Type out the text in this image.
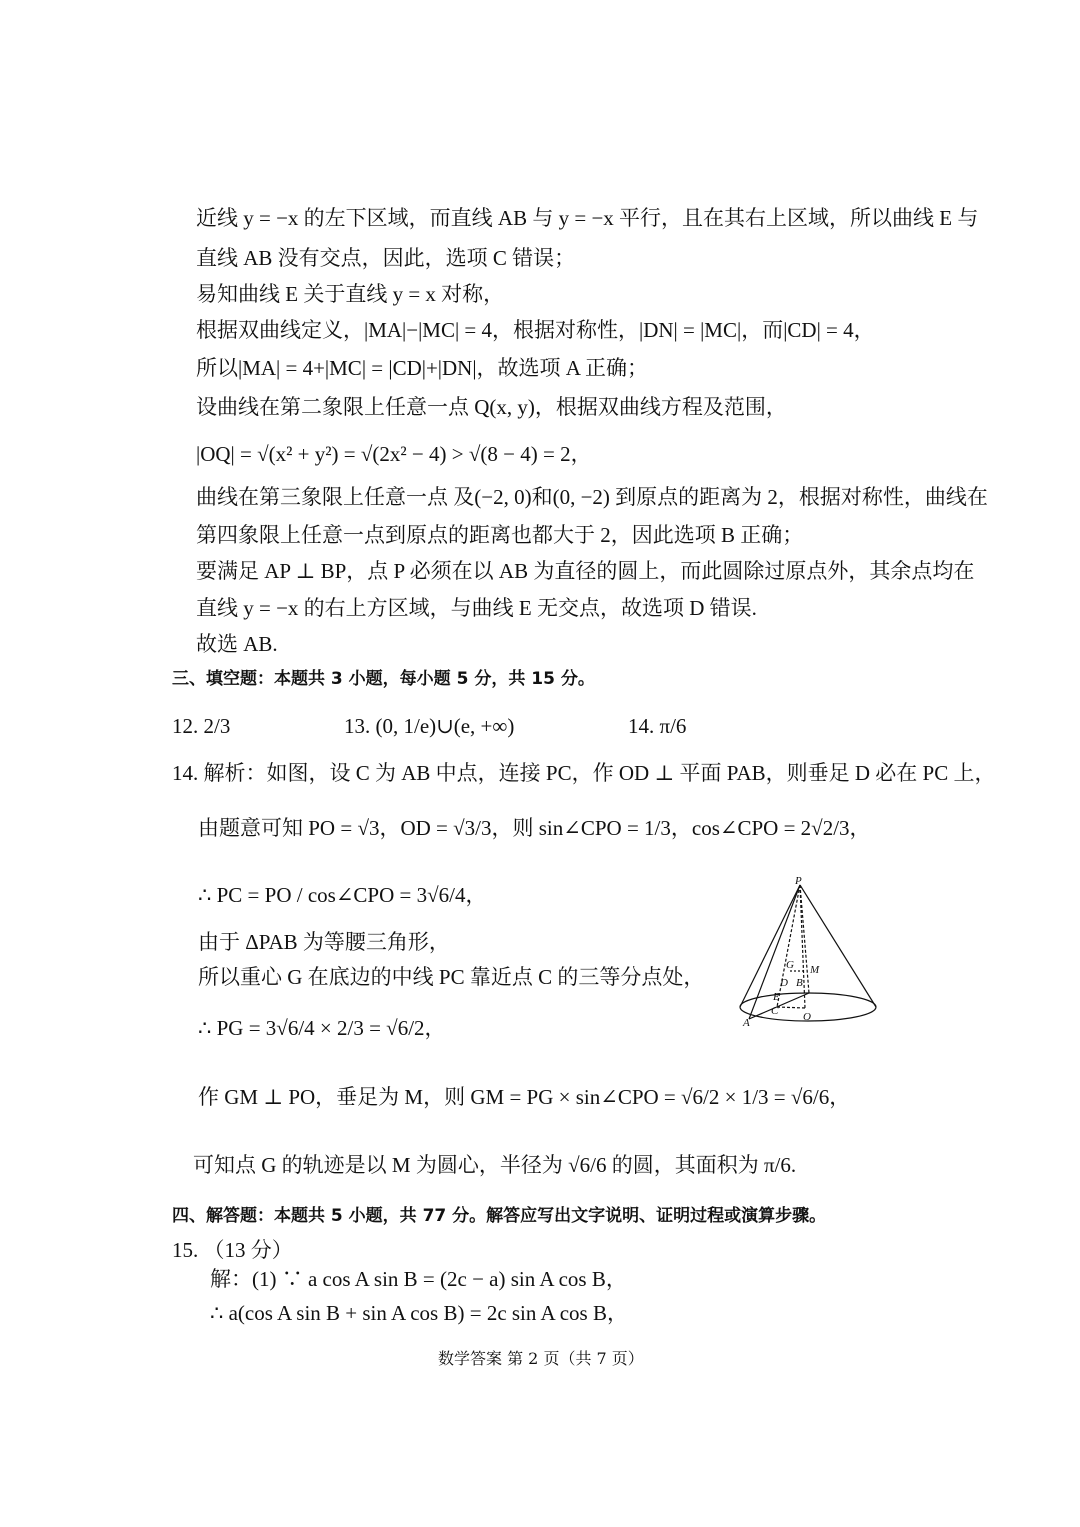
近线 y = −x 的左下区域，而直线 AB 与 y = −x 平行，且在其右上区域，所以曲线 E 与
直线 AB 没有交点，因此，选项 C 错误；
易知曲线 E 关于直线 y = x 对称，
根据双曲线定义，|MA|−|MC| = 4，根据对称性，|DN| = |MC|，而|CD| = 4，
所以|MA| = 4+|MC| = |CD|+|DN|，故选项 A 正确；
设曲线在第二象限上任意一点 Q(x, y)，根据双曲线方程及范围，
|OQ| = √(x² + y²) = √(2x² − 4) > √(8 − 4) = 2，
曲线在第三象限上任意一点 及(−2, 0)和(0, −2) 到原点的距离为 2，根据对称性，曲线在
第四象限上任意一点到原点的距离也都大于 2，因此选项 B 正确；
要满足 AP ⊥ BP，点 P 必须在以 AB 为直径的圆上，而此圆除过原点外，其余点均在
直线 y = −x 的右上方区域，与曲线 E 无交点，故选项 D 错误.
故选 AB.
三、填空题：本题共 3 小题，每小题 5 分，共 15 分。
12. 2/3	13. (0, 1/e)∪(e, +∞)	14. π/6
14. 解析：如图，设 C 为 AB 中点，连接 PC，作 OD ⊥ 平面 PAB，则垂足 D 必在 PC 上，
由题意可知 PO = √3，OD = √3/3，则 sin∠CPO = 1/3，cos∠CPO = 2√2/3，
∴ PC = PO / cos∠CPO = 3√6/4，
由于 ΔPAB 为等腰三角形，
所以重心 G 在底边的中线 PC 靠近点 C 的三等分点处，
∴ PG = 3√6/4 × 2/3 = √6/2，
作 GM ⊥ PO，垂足为 M，则 GM = PG × sin∠CPO = √6/2 × 1/3 = √6/6，
可知点 G 的轨迹是以 M 为圆心，半径为 √6/6 的圆，其面积为 π/6.
四、解答题：本题共 5 小题，共 77 分。解答应写出文字说明、证明过程或演算步骤。
15. （13 分）
解：(1) ∵ a cos A sin B = (2c − a) sin A cos B，
∴ a(cos A sin B + sin A cos B) = 2c sin A cos B，
数学答案 第 2 页（共 7 页）
P
G M
D B
E
C
A	O
